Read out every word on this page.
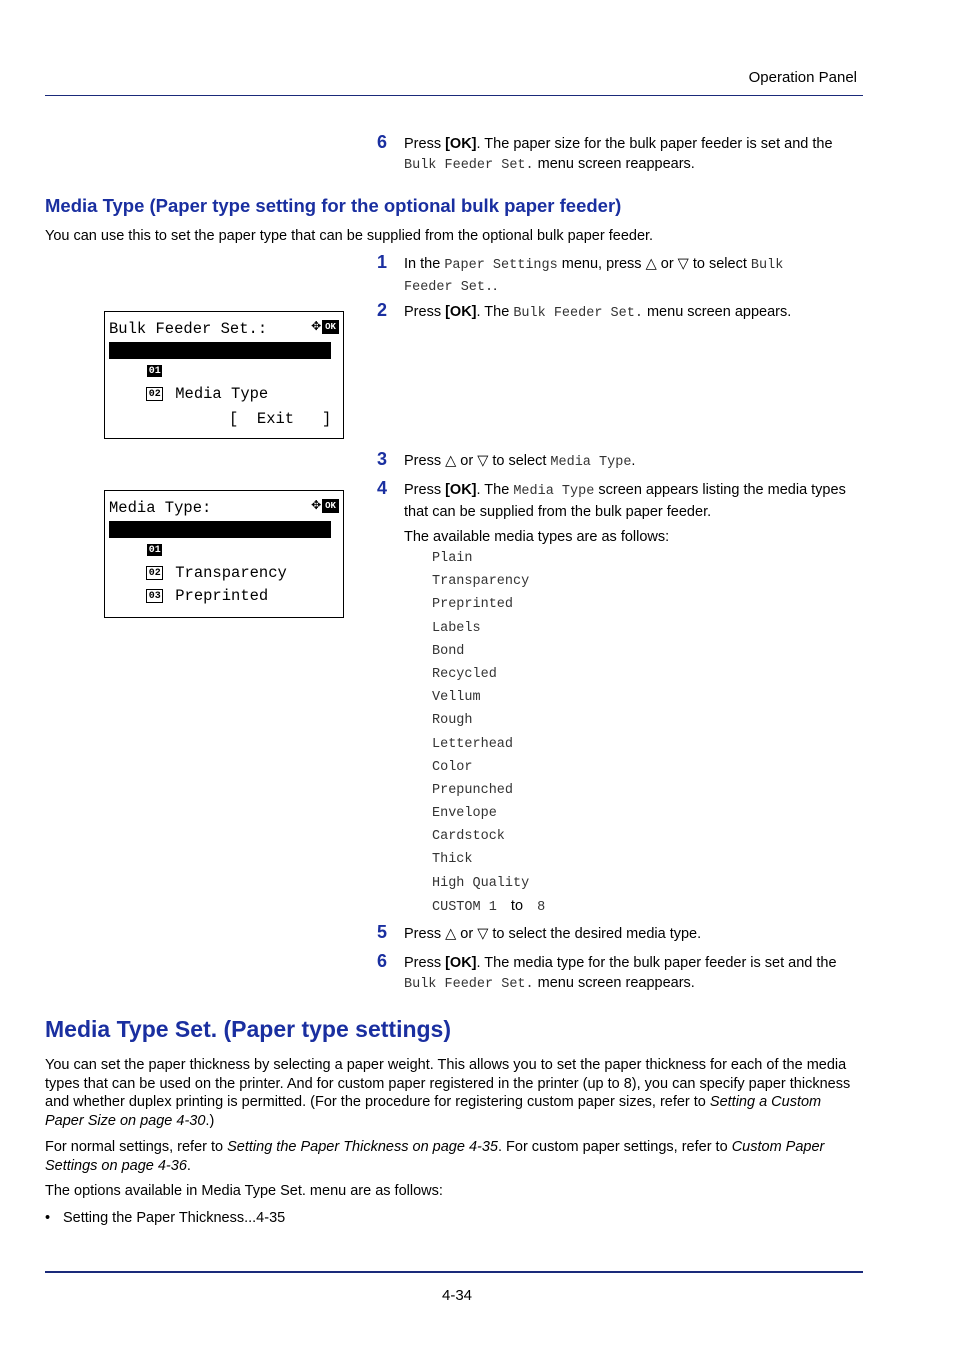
Operation Panel
6 Press [OK]. The paper size for the bulk paper feeder is set and the
Bulk Feeder Set. menu screen reappears.
Media Type (Paper type setting for the optional bulk paper feeder)
You can use this to set the paper type that can be supplied from the optional bulk paper feeder.
1 In the Paper Settings menu, press △ or ▽ to select Bulk
Feeder Set..
2 Press [OK]. The Bulk Feeder Set. menu screen appears.
Bulk Feeder Set.:	✥ OK

01 Paper Size

02 Media Type

[  Exit   ]
3 Press △ or ▽ to select Media Type.
4 Press [OK]. The Media Type screen appears listing the media types
that can be supplied from the bulk paper feeder.
The available media types are as follows:
Media Type:	✥ OK

01 *Plain

02 Transparency

03 Preprinted

Plain
Transparency
Preprinted
Labels
Bond
Recycled
Vellum
Rough
Letterhead
Color
Prepunched
Envelope
Cardstock
Thick
High Quality
CUSTOM 1 to 8
5 Press △ or ▽ to select the desired media type.
6 Press [OK]. The media type for the bulk paper feeder is set and the
Bulk Feeder Set. menu screen reappears.
Media Type Set. (Paper type settings)
You can set the paper thickness by selecting a paper weight. This allows you to set the paper thickness for each of the media types that can be used on the printer. And for custom paper registered in the printer (up to 8), you can specify paper thickness and whether duplex printing is permitted. (For the procedure for registering custom paper sizes, refer to Setting a Custom Paper Size on page 4-30.)
For normal settings, refer to Setting the Paper Thickness on page 4-35. For custom paper settings, refer to Custom Paper Settings on page 4-36.
The options available in Media Type Set. menu are as follows:
• Setting the Paper Thickness...4-35
4-34
